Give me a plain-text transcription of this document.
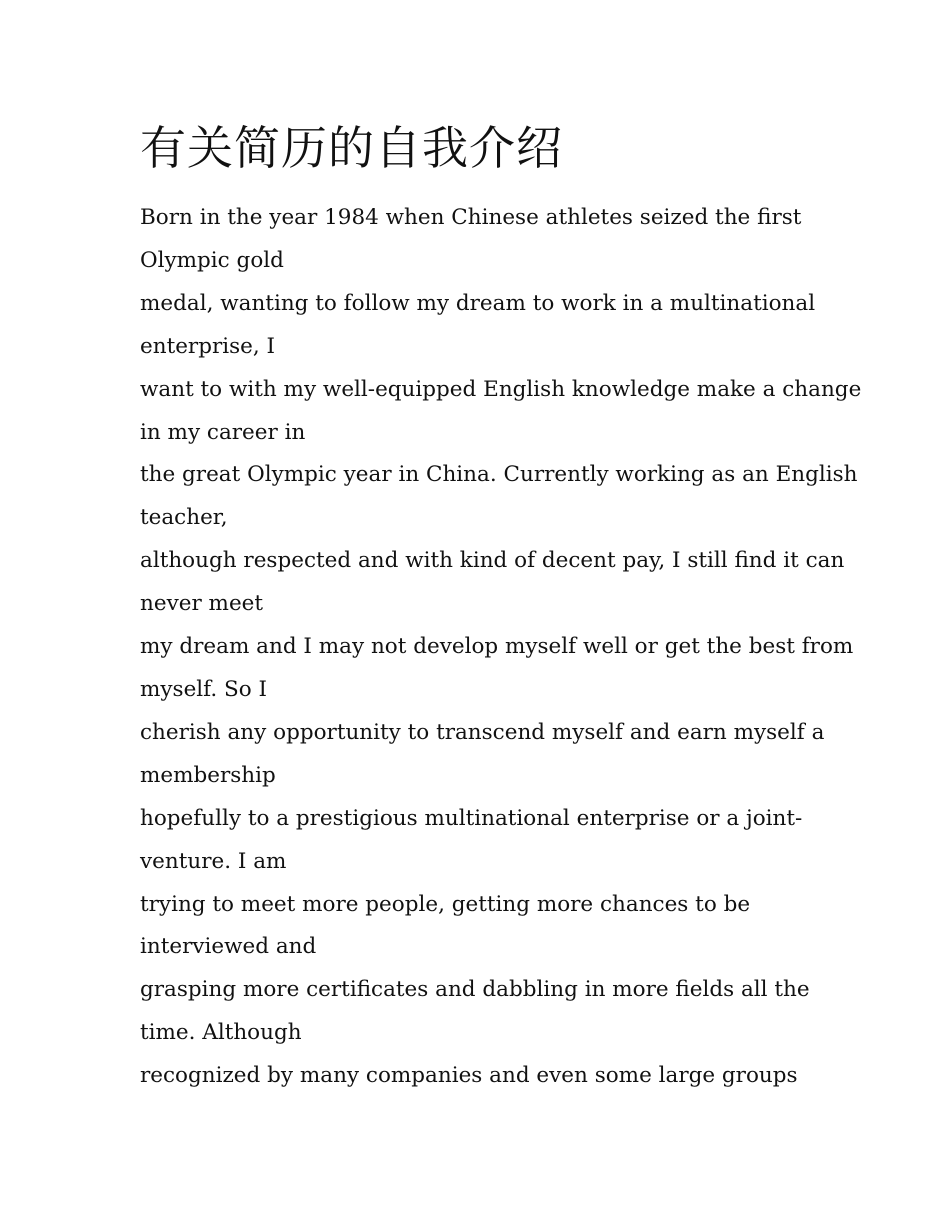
有关简历的自我介绍
Born in the year 1984 when Chinese athletes seized the first
Olympic gold
medal, wanting to follow my dream to work in a multinational
enterprise, I
want to with my well-equipped English knowledge make a change
in my career in
the great Olympic year in China. Currently working as an English
teacher,
although respected and with kind of decent pay, I still find it can
never meet
my dream and I may not develop myself well or get the best from
myself. So I
cherish any opportunity to transcend myself and earn myself a
membership
hopefully to a prestigious multinational enterprise or a joint-
venture. I am
trying to meet more people, getting more chances to be
interviewed and
grasping more certificates and dabbling in more fields all the
time. Although
recognized by many companies and even some large groups
